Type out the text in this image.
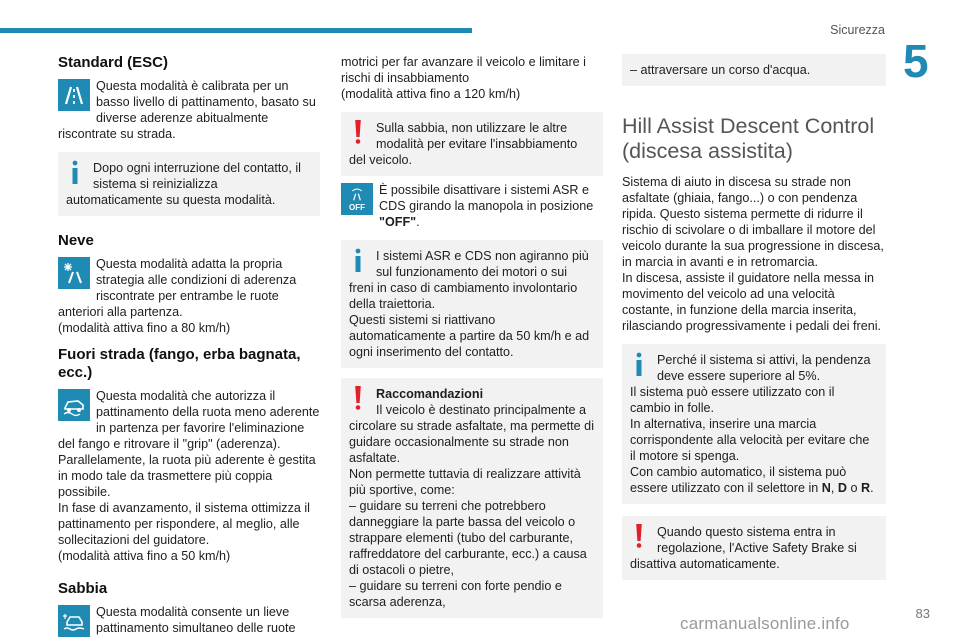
Sicurezza
5
Standard (ESC)
Questa modalità è calibrata per un basso livello di pattinamento, basato su diverse aderenze abitualmente riscontrate su strada.
Dopo ogni interruzione del contatto, il sistema si reinizializza automaticamente su questa modalità.
Neve
Questa modalità adatta la propria strategia alle condizioni di aderenza riscontrate per entrambe le ruote anteriori alla partenza.

(modalità attiva fino a 80 km/h)

Fuori strada (fango, erba bagnata, ecc.)
Questa modalità che autorizza il pattinamento della ruota meno aderente in partenza per favorire l'eliminazione del fango e ritrovare il "grip" (aderenza). Parallelamente, la ruota più aderente è gestita in modo tale da trasmettere più coppia possibile.

In fase di avanzamento, il sistema ottimizza il pattinamento per rispondere, al meglio, alle sollecitazioni del guidatore.

(modalità attiva fino a 50 km/h)

Sabbia
Questa modalità consente un lieve pattinamento simultaneo delle ruote

motrici per far avanzare il veicolo e limitare i rischi di insabbiamento

(modalità attiva fino a 120 km/h)

Sulla sabbia, non utilizzare le altre modalità per evitare l'insabbiamento del veicolo.
OFF
È possibile disattivare i sistemi ASR e CDS girando la manopola in posizione "OFF".
I sistemi ASR e CDS non agiranno più sul funzionamento dei motori o sui freni in caso di cambiamento involontario della traiettoria.

Questi sistemi si riattivano automaticamente a partire da 50 km/h e ad ogni inserimento del contatto.

Raccomandazioni
Il veicolo è destinato principalmente a circolare su strade asfaltate, ma permette di guidare occasionalmente su strade non asfaltate.

Non permette tuttavia di realizzare attività più sportive, come:

– guidare su terreni che potrebbero danneggiare la parte bassa del veicolo o strappare elementi (tubo del carburante, raffreddatore del carburante, ecc.) a causa di ostacoli o pietre,

– guidare su terreni con forte pendio e scarsa aderenza,

– attraversare un corso d'acqua.
Hill Assist Descent Control (discesa assistita)

Sistema di aiuto in discesa su strade non asfaltate (ghiaia, fango...) o con pendenza ripida. Questo sistema permette di ridurre il rischio di scivolare o di imballare il motore del veicolo durante la sua progressione in discesa, in marcia in avanti e in retromarcia.

In discesa, assiste il guidatore nella messa in movimento del veicolo ad una velocità costante, in funzione della marcia inserita, rilasciando progressivamente i pedali dei freni.

Perché il sistema si attivi, la pendenza deve essere superiore al 5%.

Il sistema può essere utilizzato con il cambio in folle.

In alternativa, inserire una marcia corrispondente alla velocità per evitare che il motore si spenga.

Con cambio automatico, il sistema può essere utilizzato con il selettore in N, D o R.

Quando questo sistema entra in regolazione, l'Active Safety Brake si disattiva automaticamente.
83
carmanualsonline.info
